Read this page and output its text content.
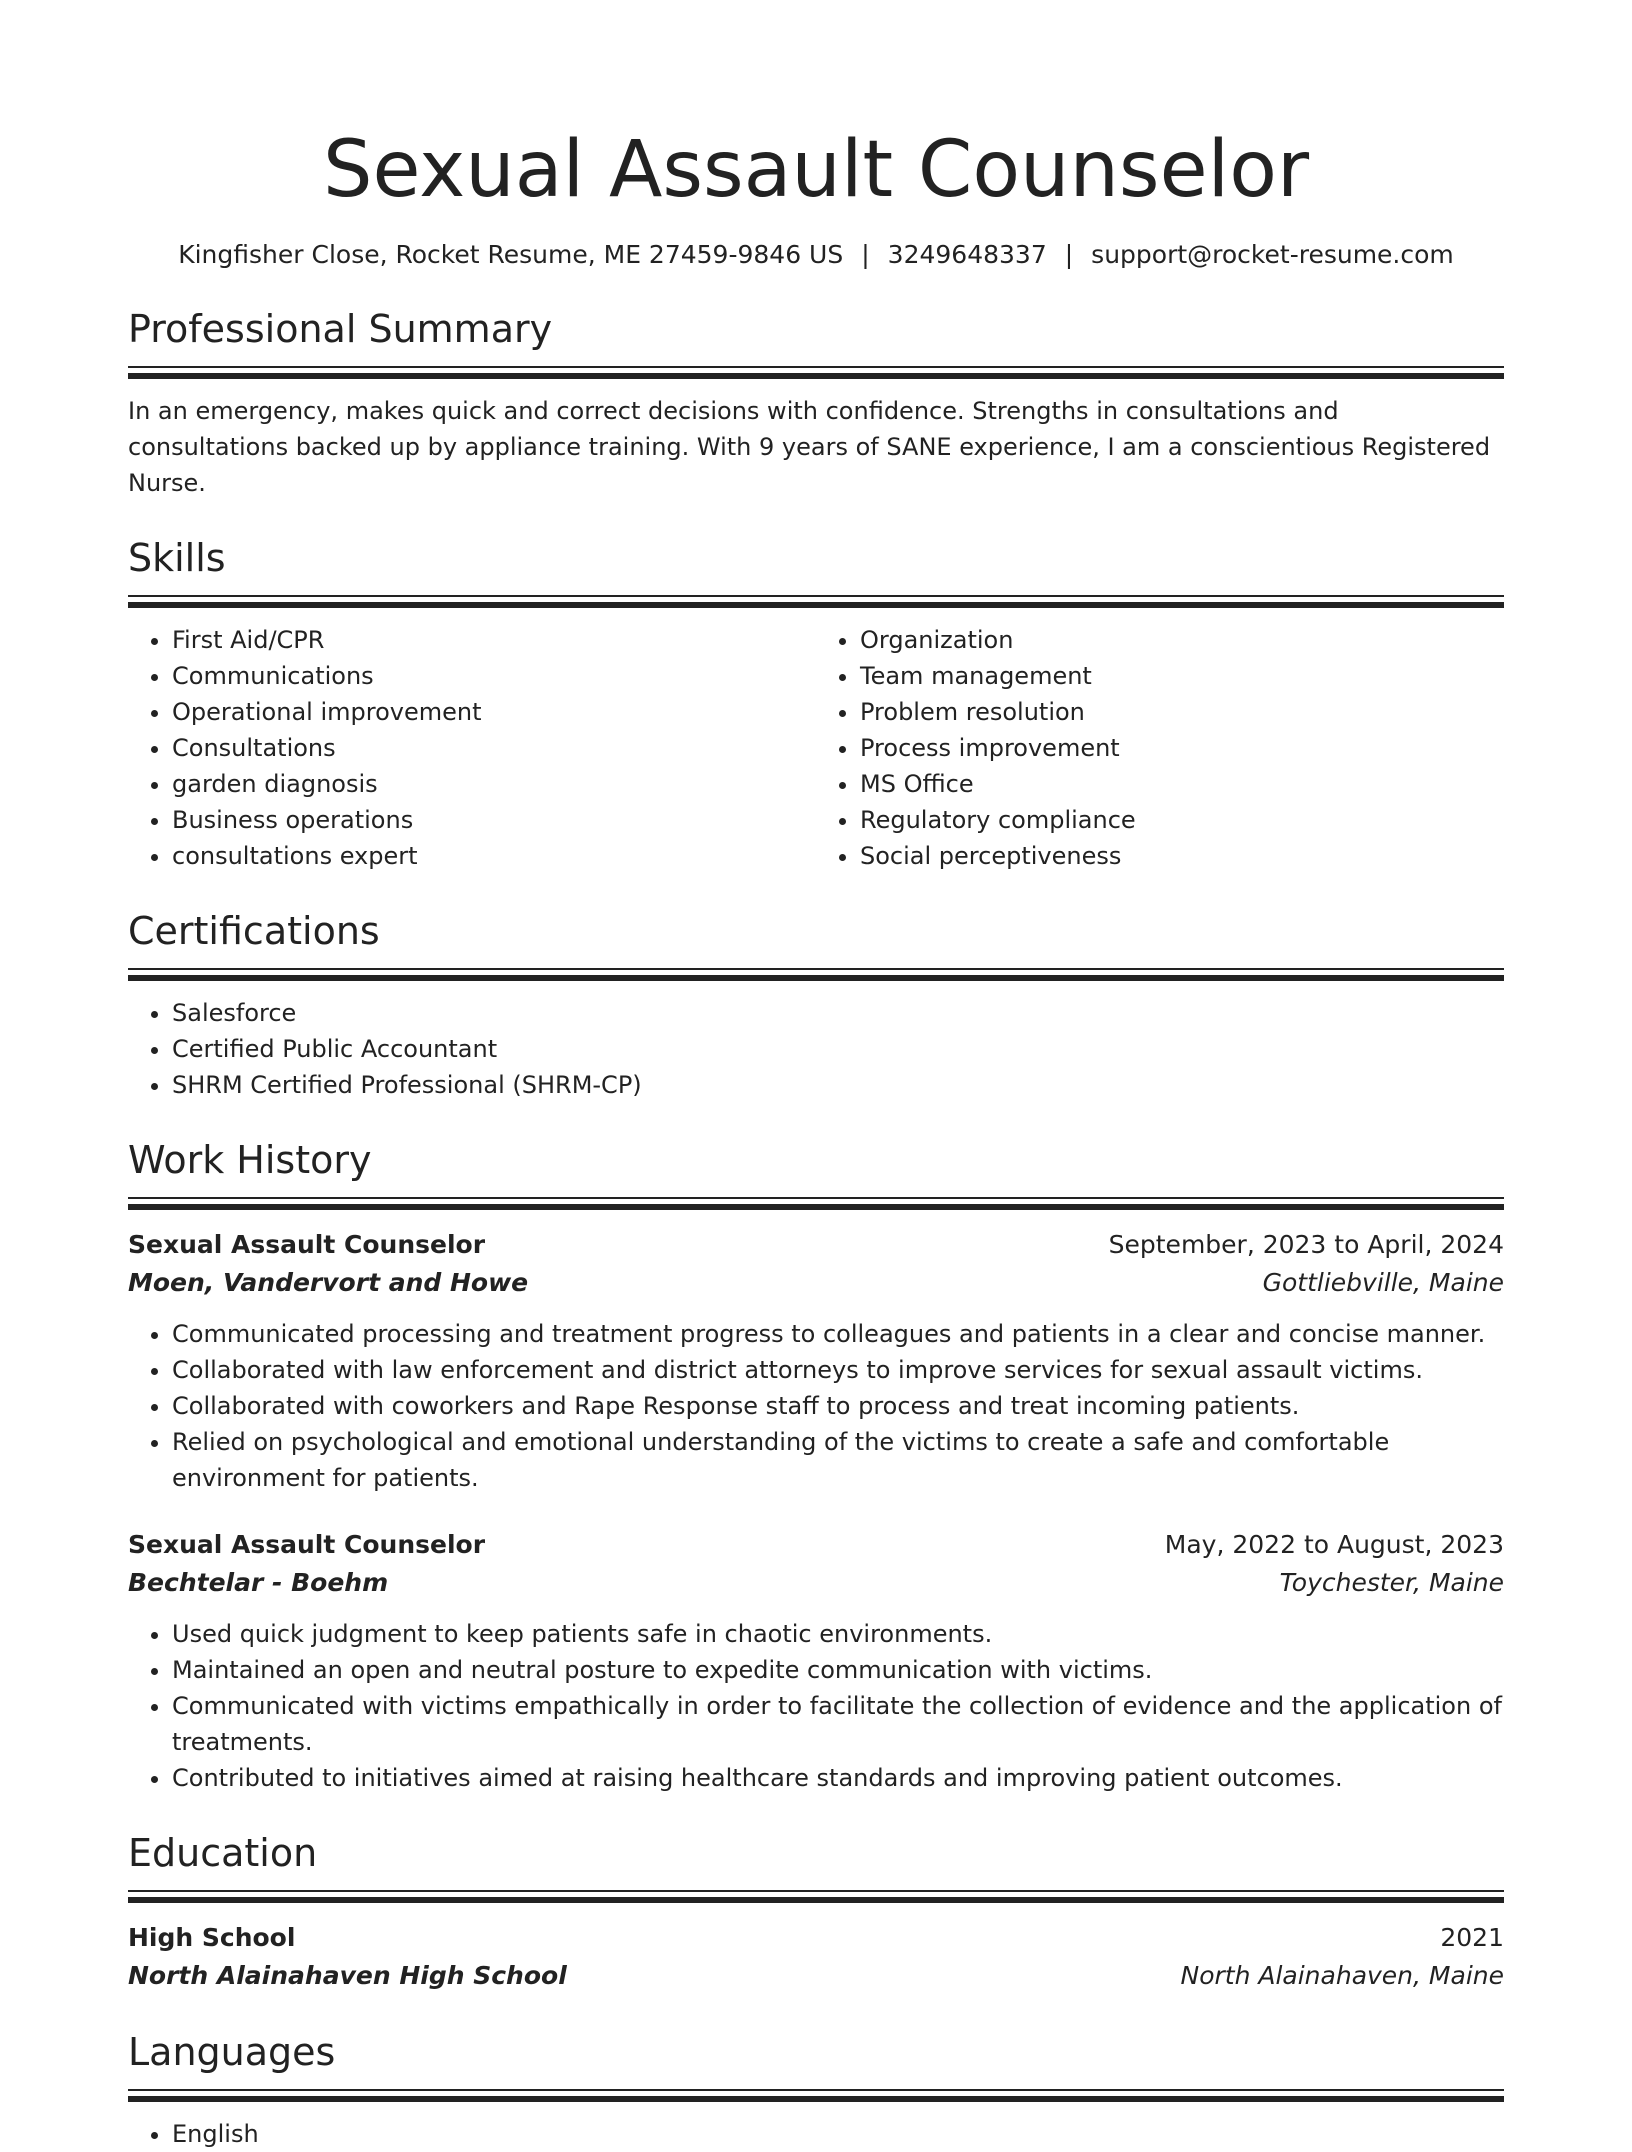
Sexual Assault Counselor
Kingfisher Close, Rocket Resume, ME 27459-9846 US | 3249648337 | support@rocket-resume.com
Professional Summary
In an emergency, makes quick and correct decisions with confidence. Strengths in consultations and consultations backed up by appliance training. With 9 years of SANE experience, I am a conscientious Registered Nurse.
Skills
• First Aid/CPR
• Communications
• Operational improvement
• Consultations
• garden diagnosis
• Business operations
• consultations expert
• Organization
• Team management
• Problem resolution
• Process improvement
• MS Office
• Regulatory compliance
• Social perceptiveness
Certifications
• Salesforce
• Certified Public Accountant
• SHRM Certified Professional (SHRM-CP)
Work History
Sexual Assault Counselor	September, 2023 to April, 2024
Moen, Vandervort and Howe	Gottliebville, Maine
• Communicated processing and treatment progress to colleagues and patients in a clear and concise manner.
• Collaborated with law enforcement and district attorneys to improve services for sexual assault victims.
• Collaborated with coworkers and Rape Response staff to process and treat incoming patients.
• Relied on psychological and emotional understanding of the victims to create a safe and comfortable environment for patients.
Sexual Assault Counselor	May, 2022 to August, 2023
Bechtelar - Boehm	Toychester, Maine
• Used quick judgment to keep patients safe in chaotic environments.
• Maintained an open and neutral posture to expedite communication with victims.
• Communicated with victims empathically in order to facilitate the collection of evidence and the application of treatments.
• Contributed to initiatives aimed at raising healthcare standards and improving patient outcomes.
Education
High School	2021
North Alainahaven High School	North Alainahaven, Maine
Languages
• English
